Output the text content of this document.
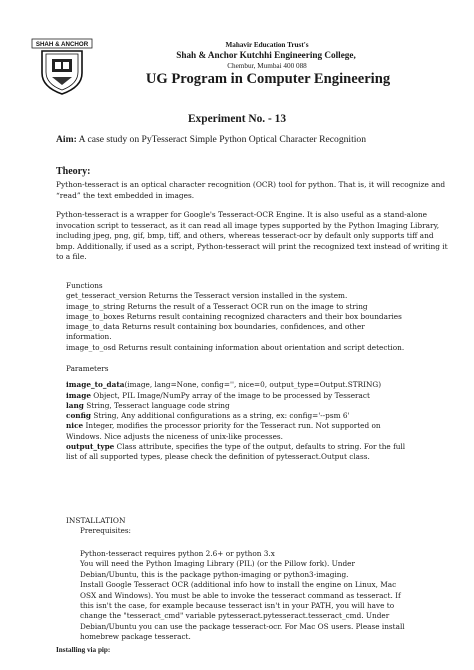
SHAH & ANCHOR	Mahavir Education Trust's
Shah & Anchor Kutchhi Engineering College,
Chembur, Mumbai 400 088
UG Program in Computer Engineering
Experiment No. - 13
Aim: A case study on PyTesseract Simple Python Optical Character Recognition
Theory:

Python-tesseract is an optical character recognition (OCR) tool for python. That is, it will recognize and “read” the text embedded in images.

Python-tesseract is a wrapper for Google's Tesseract-OCR Engine. It is also useful as a stand-alone invocation script to tesseract, as it can read all image types supported by the Python Imaging Library, including jpeg, png, gif, bmp, tiff, and others, whereas tesseract-ocr by default only supports tiff and bmp. Additionally, if used as a script, Python-tesseract will print the recognized text instead of writing it to a file.

Functions
get_tesseract_version Returns the Tesseract version installed in the system.
image_to_string Returns the result of a Tesseract OCR run on the image to string
image_to_boxes Returns result containing recognized characters and their box boundaries
image_to_data Returns result containing box boundaries, confidences, and other
information.
image_to_osd Returns result containing information about orientation and script detection.
Parameters
image_to_data(image, lang=None, config='', nice=0, output_type=Output.STRING)
image Object, PIL Image/NumPy array of the image to be processed by Tesseract
lang String, Tesseract language code string
config String, Any additional configurations as a string, ex: config='--psm 6'
nice Integer, modifies the processor priority for the Tesseract run. Not supported on
Windows. Nice adjusts the niceness of unix-like processes.
output_type Class attribute, specifies the type of the output, defaults to string. For the full
list of all supported types, please check the definition of pytesseract.Output class.
INSTALLATION
Prerequisites:
Python-tesseract requires python 2.6+ or python 3.x
You will need the Python Imaging Library (PIL) (or the Pillow fork). Under
Debian/Ubuntu, this is the package python-imaging or python3-imaging.
Install Google Tesseract OCR (additional info how to install the engine on Linux, Mac
OSX and Windows). You must be able to invoke the tesseract command as tesseract. If
this isn't the case, for example because tesseract isn't in your PATH, you will have to
change the "tesseract_cmd" variable pytesseract.pytesseract.tesseract_cmd. Under
Debian/Ubuntu you can use the package tesseract-ocr. For Mac OS users. Please install
homebrew package tesseract.
Installing via pip:
